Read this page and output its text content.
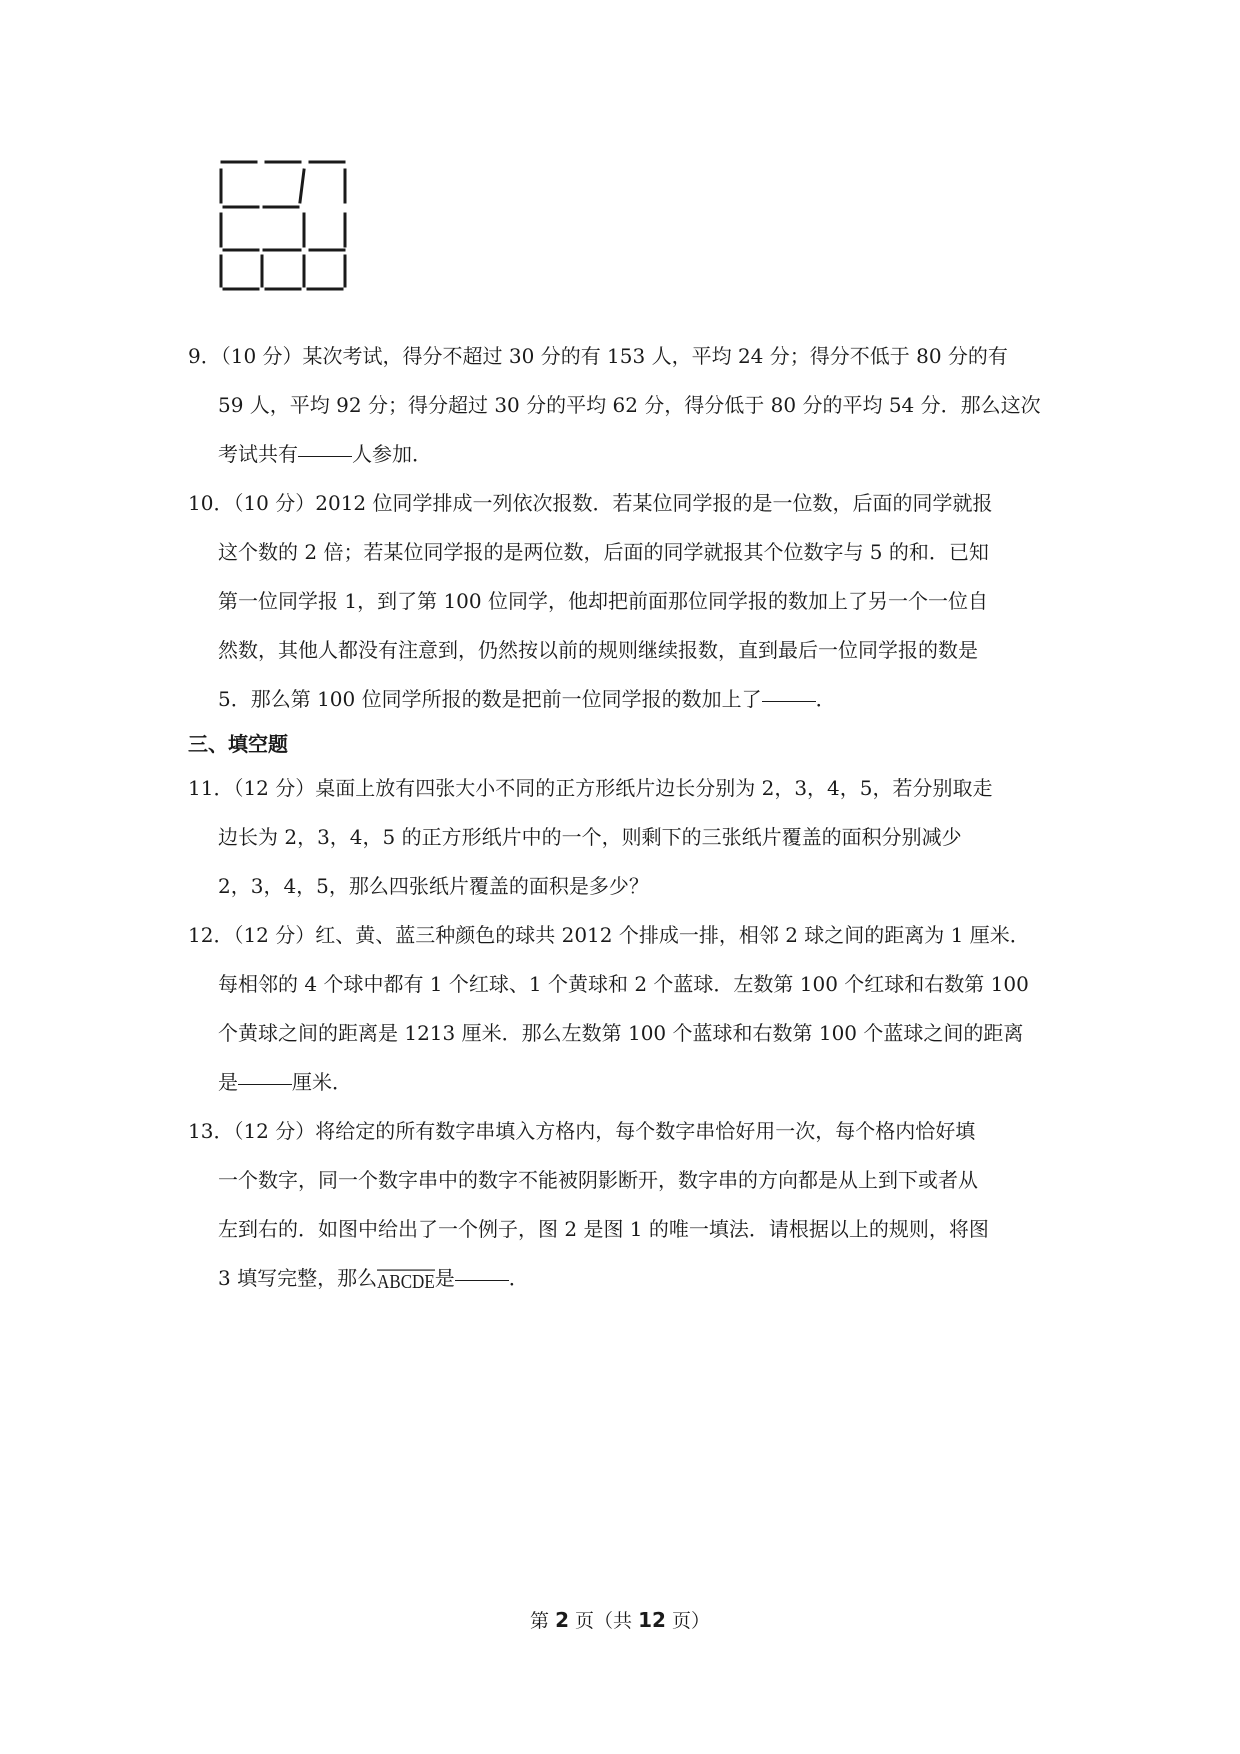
9．（10 分）某次考试，得分不超过 30 分的有 153 人，平均 24 分；得分不低于 80 分的有
59 人，平均 92 分；得分超过 30 分的平均 62 分，得分低于 80 分的平均 54 分．那么这次
考试共有	人参加．
10．（10 分）2012 位同学排成一列依次报数．若某位同学报的是一位数，后面的同学就报
这个数的 2 倍；若某位同学报的是两位数，后面的同学就报其个位数字与 5 的和．已知
第一位同学报 1，到了第 100 位同学，他却把前面那位同学报的数加上了另一个一位自
然数，其他人都没有注意到，仍然按以前的规则继续报数，直到最后一位同学报的数是
5．那么第 100 位同学所报的数是把前一位同学报的数加上了	．
三、填空题
11．（12 分）桌面上放有四张大小不同的正方形纸片边长分别为 2，3，4，5，若分别取走
边长为 2，3，4，5 的正方形纸片中的一个，则剩下的三张纸片覆盖的面积分别减少
2，3，4，5，那么四张纸片覆盖的面积是多少？
12．（12 分）红、黄、蓝三种颜色的球共 2012 个排成一排，相邻 2 球之间的距离为 1 厘米．
每相邻的 4 个球中都有 1 个红球、1 个黄球和 2 个蓝球．左数第 100 个红球和右数第 100
个黄球之间的距离是 1213 厘米．那么左数第 100 个蓝球和右数第 100 个蓝球之间的距离
是	厘米．
13．（12 分）将给定的所有数字串填入方格内，每个数字串恰好用一次，每个格内恰好填
一个数字，同一个数字串中的数字不能被阴影断开，数字串的方向都是从上到下或者从
左到右的．如图中给出了一个例子，图 2 是图 1 的唯一填法．请根据以上的规则，将图
3 填写完整，那么ABCDE是	．
第 2 页（共 12 页）
